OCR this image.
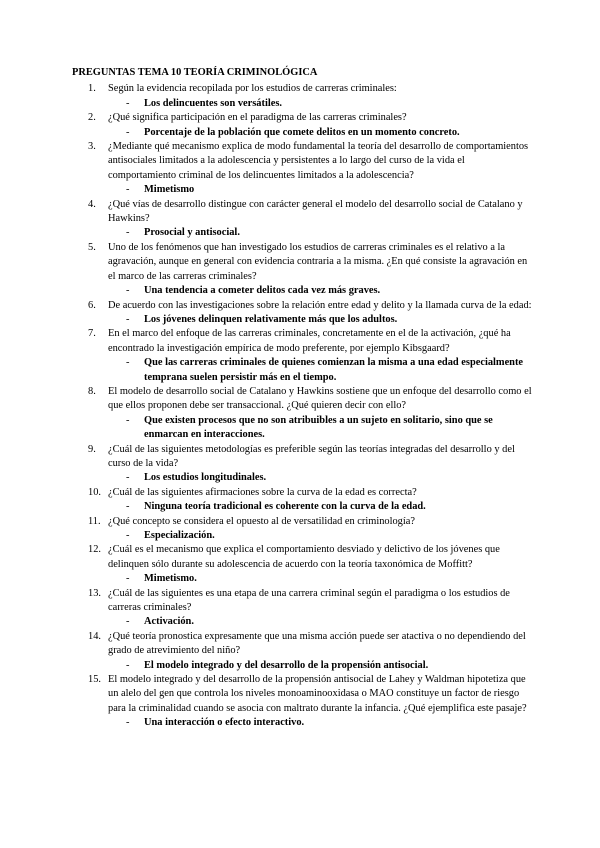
PREGUNTAS TEMA 10 TEORÍA CRIMINOLÓGICA
1.	Según la evidencia recopilada por los estudios de carreras criminales:
- Los delincuentes son versátiles.
2.	¿Qué significa participación en el paradigma de las carreras criminales?
- Porcentaje de la población que comete delitos en un momento concreto.
3.	¿Mediante qué mecanismo explica de modo fundamental la teoría del desarrollo de comportamientos antisociales limitados a la adolescencia y persistentes a lo largo del curso de la vida el comportamiento criminal de los delincuentes limitados a la adolescencia?
- Mimetismo
4.	¿Qué vías de desarrollo distingue con carácter general el modelo del desarrollo social de Catalano y Hawkins?
- Prosocial y antisocial.
5.	Uno de los fenómenos que han investigado los estudios de carreras criminales es el relativo a la agravación, aunque en general con evidencia contraria a la misma. ¿En qué consiste la agravación en el marco de las carreras criminales?
- Una tendencia a cometer delitos cada vez más graves.
6.	De acuerdo con las investigaciones sobre la relación entre edad y delito y la llamada curva de la edad:
- Los jóvenes delinquen relativamente más que los adultos.
7.	En el marco del enfoque de las carreras criminales, concretamente en el de la activación, ¿qué ha encontrado la investigación empírica de modo preferente, por ejemplo Kibsgaard?
- Que las carreras criminales de quienes comienzan la misma a una edad especialmente temprana suelen persistir más en el tiempo.
8.	El modelo de desarrollo social de Catalano y Hawkins sostiene que un enfoque del desarrollo como el que ellos proponen debe ser transaccional. ¿Qué quieren decir con ello?
- Que existen procesos que no son atribuibles a un sujeto en solitario, sino que se enmarcan en interacciones.
9.	¿Cuál de las siguientes metodologías es preferible según las teorías integradas del desarrollo y del curso de la vida?
- Los estudios longitudinales.
10. ¿Cuál de las siguientes afirmaciones sobre la curva de la edad es correcta?
- Ninguna teoría tradicional es coherente con la curva de la edad.
11. ¿Qué concepto se considera el opuesto al de versatilidad en criminología?
- Especialización.
12. ¿Cuál es el mecanismo que explica el comportamiento desviado y delictivo de los jóvenes que delinquen sólo durante su adolescencia de acuerdo con la teoría taxonómica de Moffitt?
- Mimetismo.
13. ¿Cuál de las siguientes es una etapa de una carrera criminal según el paradigma o los estudios de carreras criminales?
- Activación.
14. ¿Qué teoría pronostica expresamente que una misma acción puede ser atactiva o no dependiendo del grado de atrevimiento del niño?
- El modelo integrado y del desarrollo de la propensión antisocial.
15. El modelo integrado y del desarrollo de la propensión antisocial de Lahey y Waldman hipotetiza que un alelo del gen que controla los niveles monoaminooxidasa o MAO constituye un factor de riesgo para la criminalidad cuando se asocia con maltrato durante la infancia. ¿Qué ejemplifica este pasaje?
- Una interacción o efecto interactivo.
